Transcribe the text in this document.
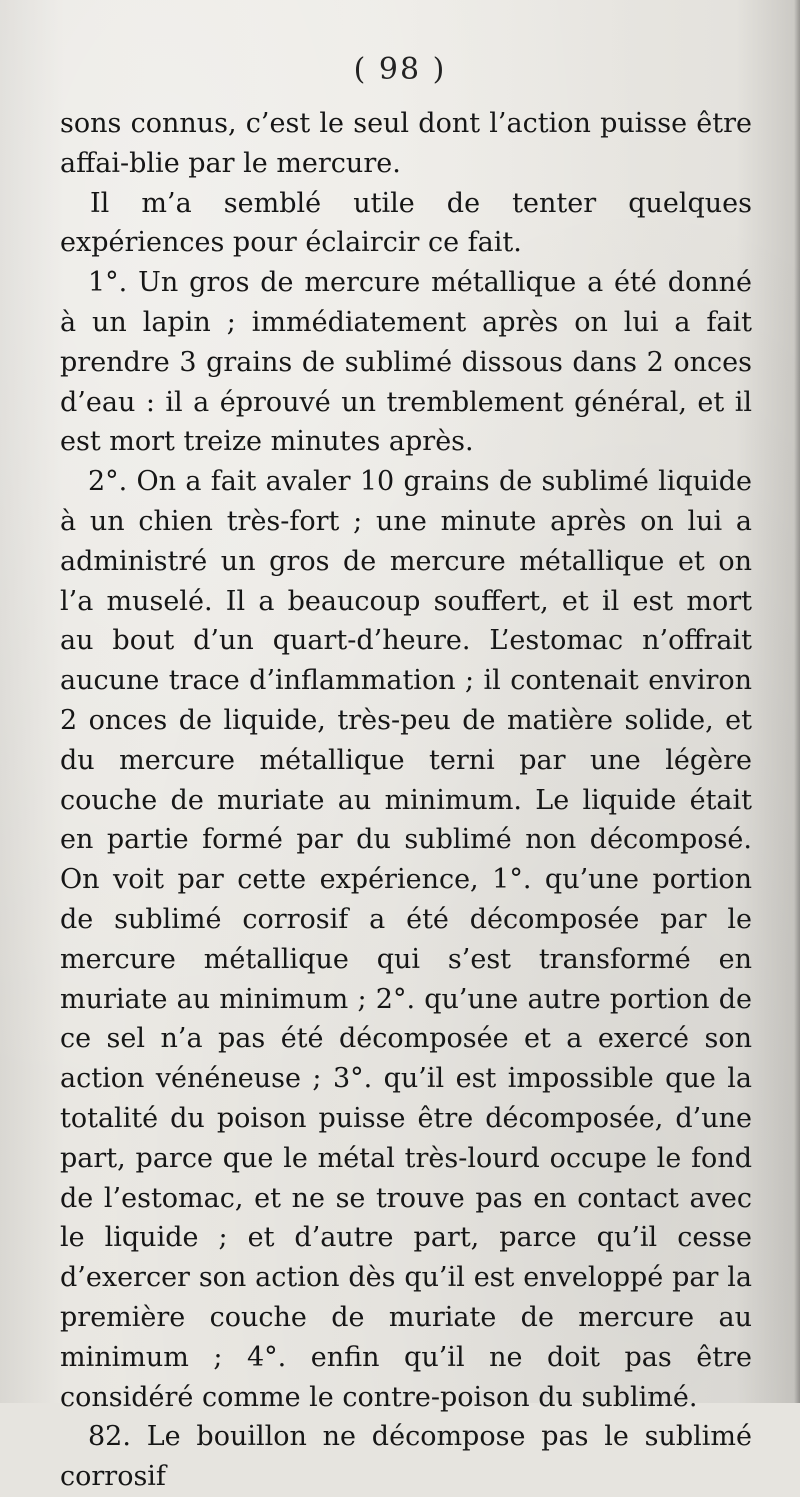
( 98 )

sons connus, c’est le seul dont l’action puisse être affai-blie par le mercure.

Il m’a semblé utile de tenter quelques expériences pour éclaircir ce fait.

1°. Un gros de mercure métallique a été donné à un lapin ; immédiatement après on lui a fait prendre 3 grains de sublimé dissous dans 2 onces d’eau : il a éprouvé un tremblement général, et il est mort treize minutes après.

2°. On a fait avaler 10 grains de sublimé liquide à un chien très-fort ; une minute après on lui a administré un gros de mercure métallique et on l’a muselé. Il a beaucoup souffert, et il est mort au bout d’un quart-d’heure. L’estomac n’offrait aucune trace d’inflammation ; il contenait environ 2 onces de liquide, très-peu de matière solide, et du mercure métallique terni par une légère couche de muriate au minimum. Le liquide était en partie formé par du sublimé non décomposé. On voit par cette expérience, 1°. qu’une portion de sublimé corrosif a été décomposée par le mercure métallique qui s’est transformé en muriate au minimum ; 2°. qu’une autre portion de ce sel n’a pas été décomposée et a exercé son action vénéneuse ; 3°. qu’il est impossible que la totalité du poison puisse être décomposée, d’une part, parce que le métal très-lourd occupe le fond de l’estomac, et ne se trouve pas en contact avec le liquide ; et d’autre part, parce qu’il cesse d’exercer son action dès qu’il est enveloppé par la première couche de muriate de mercure au minimum ; 4°. enfin qu’il ne doit pas être considéré comme le contre-poison du sublimé.

82. Le bouillon ne décompose pas le sublimé corrosif
